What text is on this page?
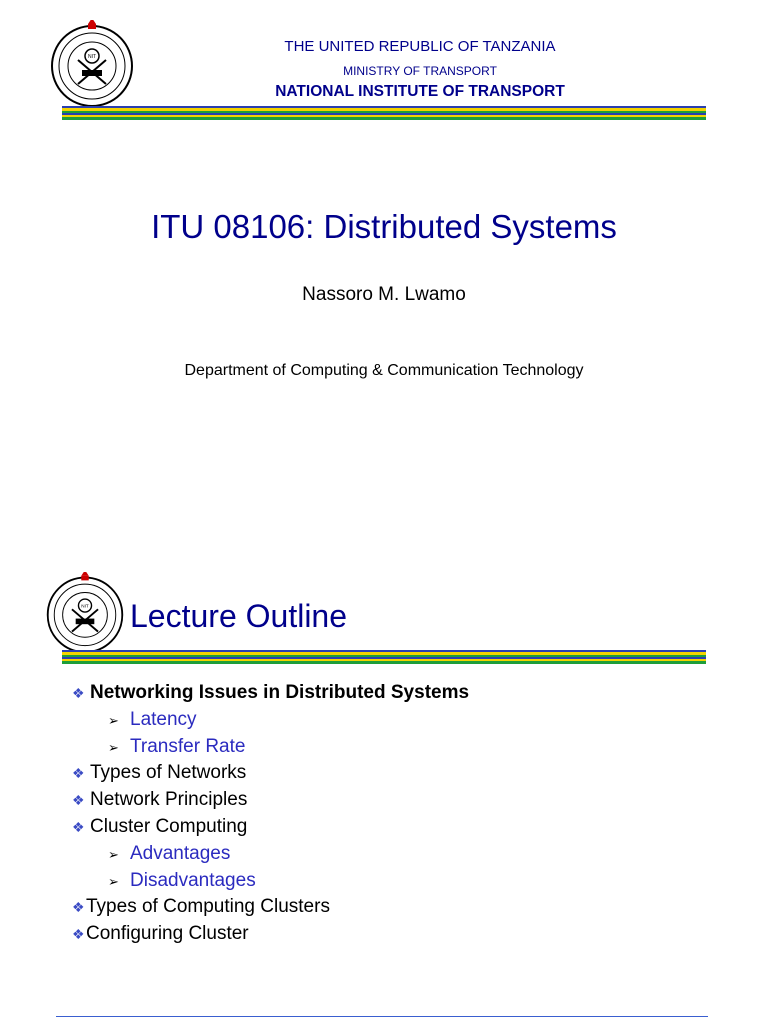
NIT
THE UNITED REPUBLIC OF TANZANIA
MINISTRY OF TRANSPORT
NATIONAL INSTITUTE OF TRANSPORT
ITU 08106: Distributed Systems
Nassoro M. Lwamo
Department of Computing & Communication Technology
NIT Lecture Outline
❖ Networking Issues in Distributed Systems
➢ Latency
➢ Transfer Rate
❖ Types of Networks
❖ Network Principles
❖ Cluster Computing
➢ Advantages
➢ Disadvantages
❖Types of Computing Clusters
❖Configuring Cluster
